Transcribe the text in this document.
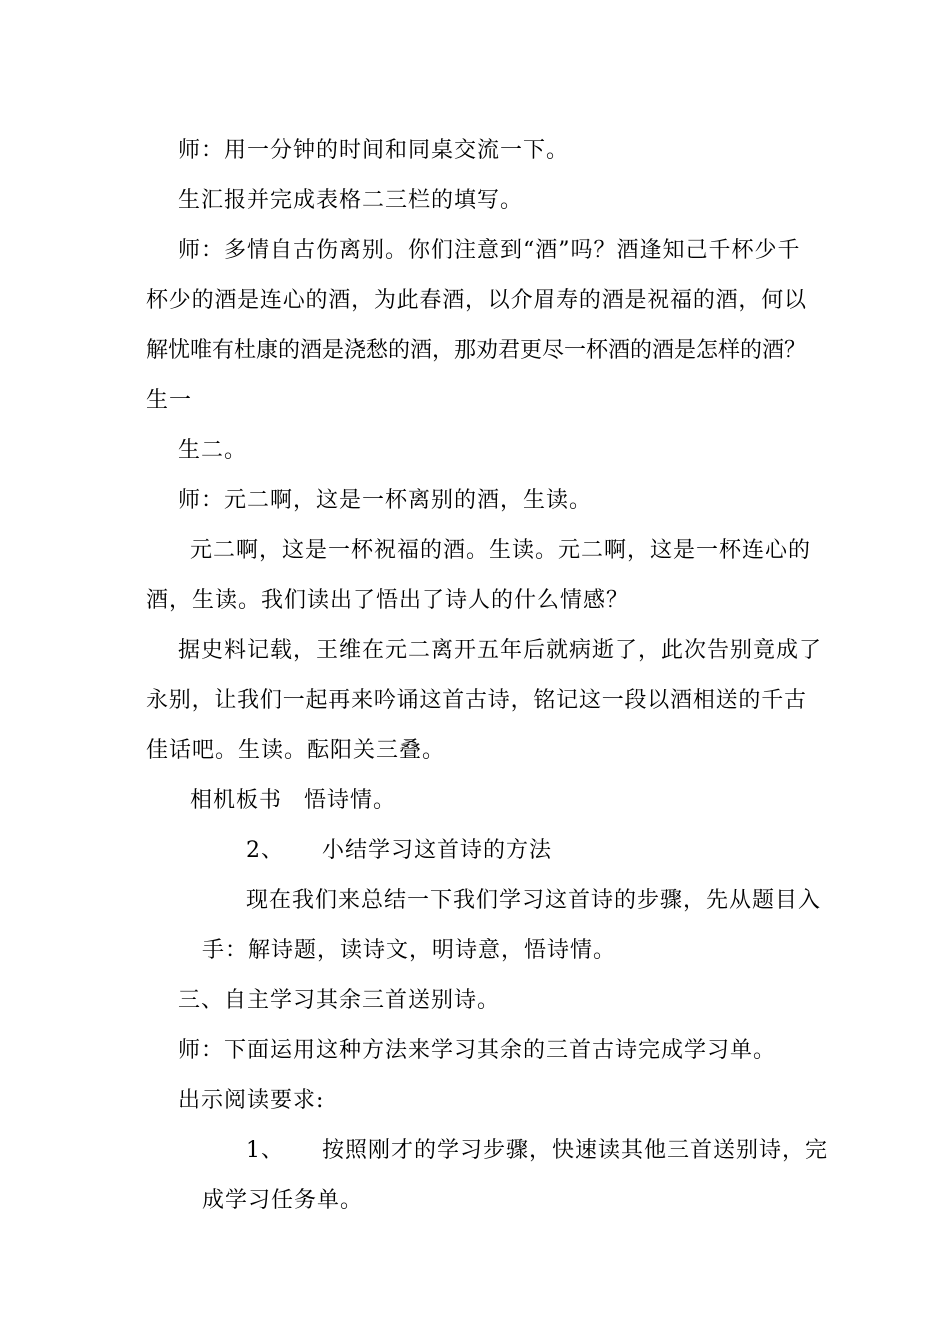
师：用一分钟的时间和同桌交流一下。
生汇报并完成表格二三栏的填写。
师：多情自古伤离别。你们注意到“酒”吗？酒逢知己千杯少千
杯少的酒是连心的酒，为此春酒，以介眉寿的酒是祝福的酒，何以
解忧唯有杜康的酒是浇愁的酒，那劝君更尽一杯酒的酒是怎样的酒？
生一
生二。
师：元二啊，这是一杯离别的酒，生读。
元二啊，这是一杯祝福的酒。生读。元二啊，这是一杯连心的
酒，生读。我们读出了悟出了诗人的什么情感？
据史料记载，王维在元二离开五年后就病逝了，此次告别竟成了
永别，让我们一起再来吟诵这首古诗，铭记这一段以酒相送的千古
佳话吧。生读。酝阳关三叠。
相机板书 悟诗情。
2、 小结学习这首诗的方法
现在我们来总结一下我们学习这首诗的步骤，先从题目入
手：解诗题，读诗文，明诗意，悟诗情。
三、自主学习其余三首送别诗。
师：下面运用这种方法来学习其余的三首古诗完成学习单。
出示阅读要求:
1、 按照刚才的学习步骤，快速读其他三首送别诗，完
成学习任务单。
